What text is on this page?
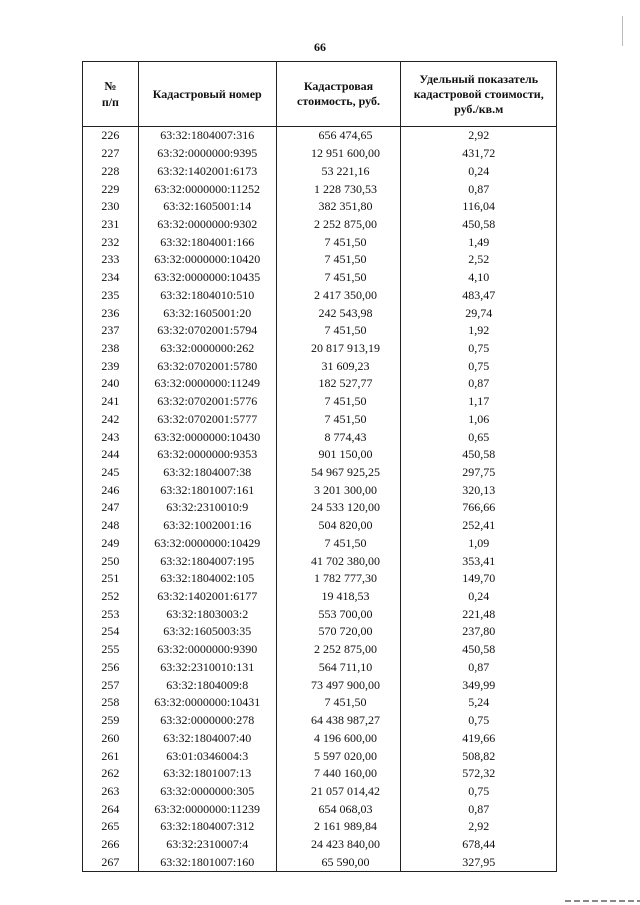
66
№
п/п	Кадастровый номер	Кадастровая стоимость, руб.	Удельный показатель кадастровой стоимости, руб./кв.м
226	63:32:1804007:316	656 474,65	2,92
227	63:32:0000000:9395	12 951 600,00	431,72
228	63:32:1402001:6173	53 221,16	0,24
229	63:32:0000000:11252	1 228 730,53	0,87
230	63:32:1605001:14	382 351,80	116,04
231	63:32:0000000:9302	2 252 875,00	450,58
232	63:32:1804001:166	7 451,50	1,49
233	63:32:0000000:10420	7 451,50	2,52
234	63:32:0000000:10435	7 451,50	4,10
235	63:32:1804010:510	2 417 350,00	483,47
236	63:32:1605001:20	242 543,98	29,74
237	63:32:0702001:5794	7 451,50	1,92
238	63:32:0000000:262	20 817 913,19	0,75
239	63:32:0702001:5780	31 609,23	0,75
240	63:32:0000000:11249	182 527,77	0,87
241	63:32:0702001:5776	7 451,50	1,17
242	63:32:0702001:5777	7 451,50	1,06
243	63:32:0000000:10430	8 774,43	0,65
244	63:32:0000000:9353	901 150,00	450,58
245	63:32:1804007:38	54 967 925,25	297,75
246	63:32:1801007:161	3 201 300,00	320,13
247	63:32:2310010:9	24 533 120,00	766,66
248	63:32:1002001:16	504 820,00	252,41
249	63:32:0000000:10429	7 451,50	1,09
250	63:32:1804007:195	41 702 380,00	353,41
251	63:32:1804002:105	1 782 777,30	149,70
252	63:32:1402001:6177	19 418,53	0,24
253	63:32:1803003:2	553 700,00	221,48
254	63:32:1605003:35	570 720,00	237,80
255	63:32:0000000:9390	2 252 875,00	450,58
256	63:32:2310010:131	564 711,10	0,87
257	63:32:1804009:8	73 497 900,00	349,99
258	63:32:0000000:10431	7 451,50	5,24
259	63:32:0000000:278	64 438 987,27	0,75
260	63:32:1804007:40	4 196 600,00	419,66
261	63:01:0346004:3	5 597 020,00	508,82
262	63:32:1801007:13	7 440 160,00	572,32
263	63:32:0000000:305	21 057 014,42	0,75
264	63:32:0000000:11239	654 068,03	0,87
265	63:32:1804007:312	2 161 989,84	2,92
266	63:32:2310007:4	24 423 840,00	678,44
267	63:32:1801007:160	65 590,00	327,95
